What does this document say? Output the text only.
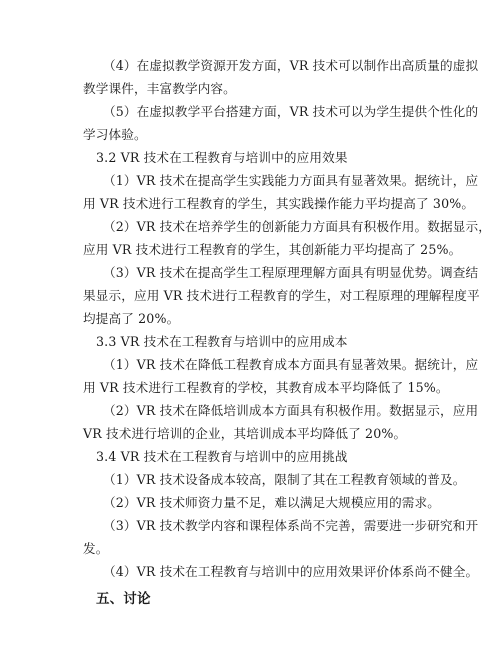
（4）在虚拟教学资源开发方面，VR 技术可以制作出高质量的虚拟
教学课件，丰富教学内容。
（5）在虚拟教学平台搭建方面，VR 技术可以为学生提供个性化的
学习体验。
3.2 VR 技术在工程教育与培训中的应用效果
（1）VR 技术在提高学生实践能力方面具有显著效果。据统计，应
用 VR 技术进行工程教育的学生，其实践操作能力平均提高了 30%。
（2）VR 技术在培养学生的创新能力方面具有积极作用。数据显示，
应用 VR 技术进行工程教育的学生，其创新能力平均提高了 25%。
（3）VR 技术在提高学生工程原理理解方面具有明显优势。调查结
果显示，应用 VR 技术进行工程教育的学生，对工程原理的理解程度平
均提高了 20%。
3.3 VR 技术在工程教育与培训中的应用成本
（1）VR 技术在降低工程教育成本方面具有显著效果。据统计，应
用 VR 技术进行工程教育的学校，其教育成本平均降低了 15%。
（2）VR 技术在降低培训成本方面具有积极作用。数据显示，应用
VR 技术进行培训的企业，其培训成本平均降低了 20%。
3.4 VR 技术在工程教育与培训中的应用挑战
（1）VR 技术设备成本较高，限制了其在工程教育领域的普及。
（2）VR 技术师资力量不足，难以满足大规模应用的需求。
（3）VR 技术教学内容和课程体系尚不完善，需要进一步研究和开
发。
（4）VR 技术在工程教育与培训中的应用效果评价体系尚不健全。
五、讨论
